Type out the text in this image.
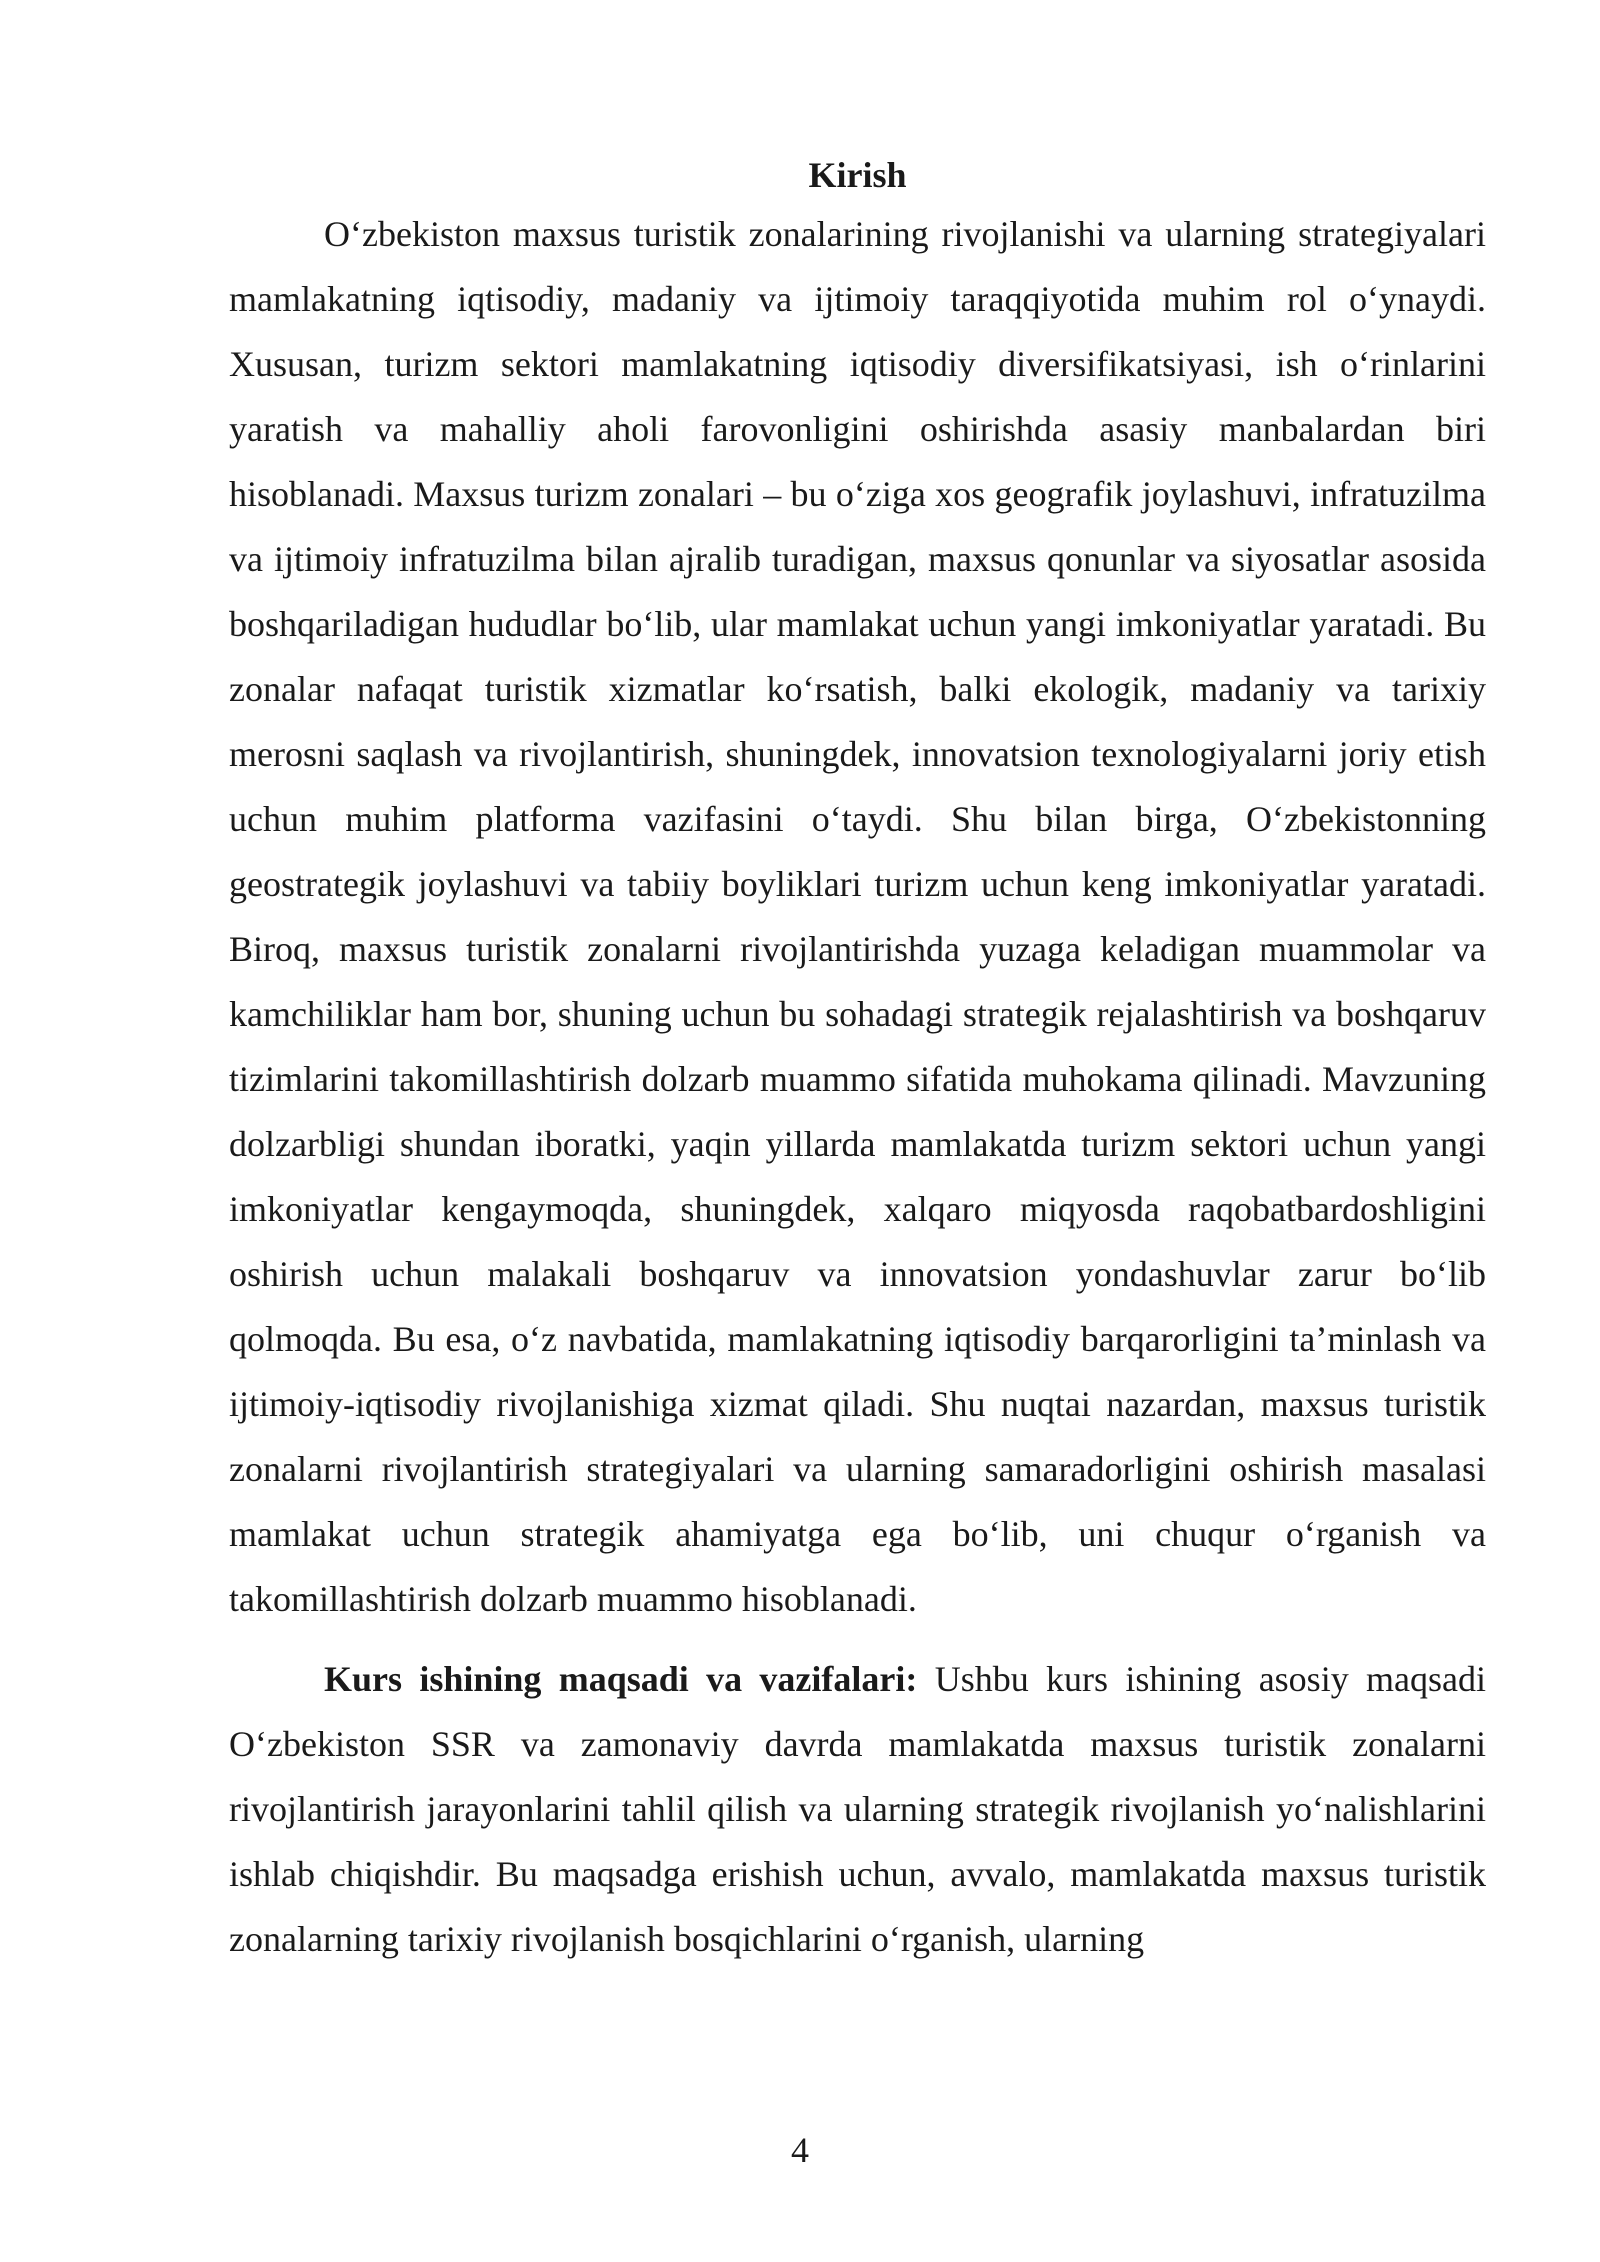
Kirish

O‘zbekiston maxsus turistik zonalarining rivojlanishi va ularning strategiyalari mamlakatning iqtisodiy, madaniy va ijtimoiy taraqqiyotida muhim rol o‘ynaydi. Xususan, turizm sektori mamlakatning iqtisodiy diversifikatsiyasi, ish o‘rinlarini yaratish va mahalliy aholi farovonligini oshirishda asasiy manbalardan biri hisoblanadi. Maxsus turizm zonalari – bu o‘ziga xos geografik joylashuvi, infratuzilma va ijtimoiy infratuzilma bilan ajralib turadigan, maxsus qonunlar va siyosatlar asosida boshqariladigan hududlar bo‘lib, ular mamlakat uchun yangi imkoniyatlar yaratadi. Bu zonalar nafaqat turistik xizmatlar ko‘rsatish, balki ekologik, madaniy va tarixiy merosni saqlash va rivojlantirish, shuningdek, innovatsion texnologiyalarni joriy etish uchun muhim platforma vazifasini o‘taydi. Shu bilan birga, O‘zbekistonning geostrategik joylashuvi va tabiiy boyliklari turizm uchun keng imkoniyatlar yaratadi. Biroq, maxsus turistik zonalarni rivojlantirishda yuzaga keladigan muammolar va kamchiliklar ham bor, shuning uchun bu sohadagi strategik rejalashtirish va boshqaruv tizimlarini takomillashtirish dolzarb muammo sifatida muhokama qilinadi. Mavzuning dolzarbligi shundan iboratki, yaqin yillarda mamlakatda turizm sektori uchun yangi imkoniyatlar kengaymoqda, shuningdek, xalqaro miqyosda raqobatbardoshligini oshirish uchun malakali boshqaruv va innovatsion yondashuvlar zarur bo‘lib qolmoqda. Bu esa, o‘z navbatida, mamlakatning iqtisodiy barqarorligini ta’minlash va ijtimoiy-iqtisodiy rivojlanishiga xizmat qiladi. Shu nuqtai nazardan, maxsus turistik zonalarni rivojlantirish strategiyalari va ularning samaradorligini oshirish masalasi mamlakat uchun strategik ahamiyatga ega bo‘lib, uni chuqur o‘rganish va takomillashtirish dolzarb muammo hisoblanadi.

Kurs ishining maqsadi va vazifalari: Ushbu kurs ishining asosiy maqsadi O‘zbekiston SSR va zamonaviy davrda mamlakatda maxsus turistik zonalarni rivojlantirish jarayonlarini tahlil qilish va ularning strategik rivojlanish yo‘nalishlarini ishlab chiqishdir. Bu maqsadga erishish uchun, avvalo, mamlakatda maxsus turistik zonalarning tarixiy rivojlanish bosqichlarini o‘rganish, ularning

4
